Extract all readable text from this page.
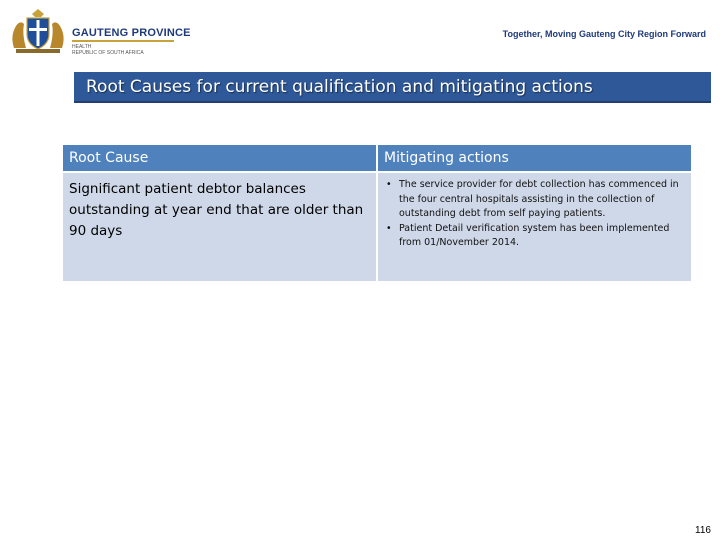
GAUTENG PROVINCE
HEALTH
REPUBLIC OF SOUTH AFRICA
Together, Moving Gauteng City Region Forward
Root Causes for current qualification and mitigating actions
Root Cause	Mitigating actions
Significant patient debtor balances outstanding at year end that are older than 90 days
• The service provider for debt collection has commenced in the four central hospitals assisting in the collection of outstanding debt from self paying patients.
• Patient Detail verification system has been implemented from 01/November 2014.
116
